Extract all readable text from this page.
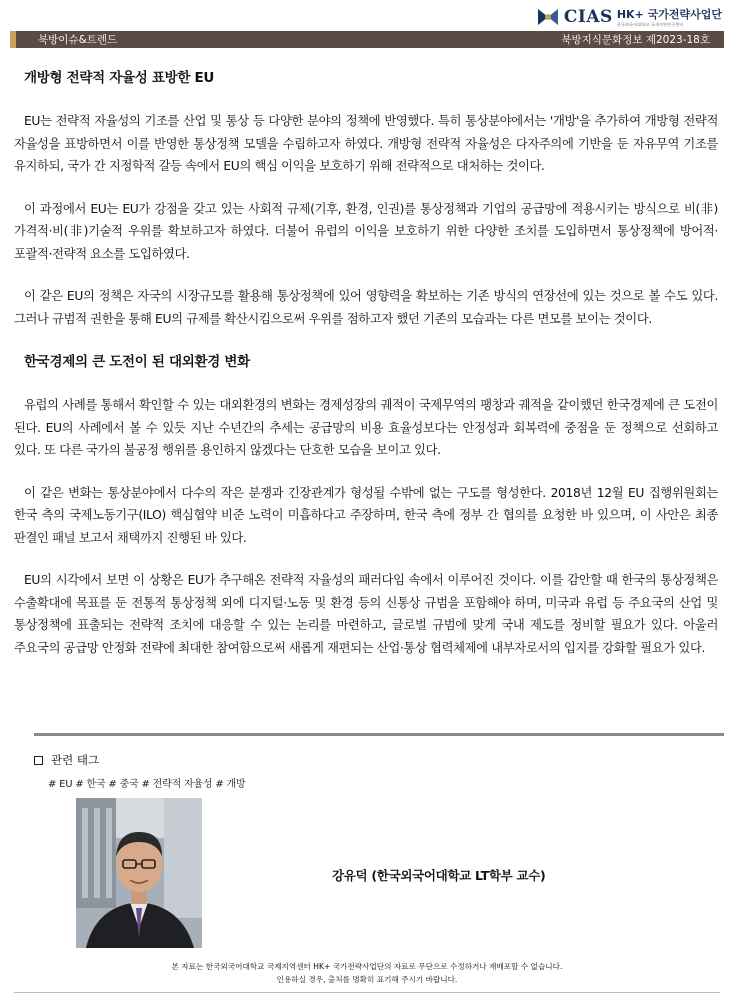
CIAS HK+ 국가전략사업단
한국외국어대학교 국제지역연구센터
북방이슈&트렌드	북방지식문화정보 제2023-18호
개방형 전략적 자율성 표방한 EU

EU는 전략적 자율성의 기조를 산업 및 통상 등 다양한 분야의 정책에 반영했다. 특히 통상분야에서는 '개방'을 추가하여 개방형 전략적 자율성을 표방하면서 이를 반영한 통상정책 모델을 수립하고자 하였다. 개방형 전략적 자율성은 다자주의에 기반을 둔 자유무역 기조를 유지하되, 국가 간 지정학적 갈등 속에서 EU의 핵심 이익을 보호하기 위해 전략적으로 대처하는 것이다.

이 과정에서 EU는 EU가 강점을 갖고 있는 사회적 규제(기후, 환경, 인권)를 통상정책과 기업의 공급망에 적용시키는 방식으로 비(非)가격적·비(非)기술적 우위를 확보하고자 하였다. 더불어 유럽의 이익을 보호하기 위한 다양한 조치를 도입하면서 통상정책에 방어적·포괄적·전략적 요소를 도입하였다.

이 같은 EU의 정책은 자국의 시장규모를 활용해 통상정책에 있어 영향력을 확보하는 기존 방식의 연장선에 있는 것으로 볼 수도 있다. 그러나 규범적 권한을 통해 EU의 규제를 확산시킴으로써 우위를 점하고자 했던 기존의 모습과는 다른 면모를 보이는 것이다.

한국경제의 큰 도전이 된 대외환경 변화

유럽의 사례를 통해서 확인할 수 있는 대외환경의 변화는 경제성장의 궤적이 국제무역의 팽창과 궤적을 같이했던 한국경제에 큰 도전이 된다. EU의 사례에서 볼 수 있듯 지난 수년간의 추세는 공급망의 비용 효율성보다는 안정성과 회복력에 중점을 둔 정책으로 선회하고 있다. 또 다른 국가의 불공정 행위를 용인하지 않겠다는 단호한 모습을 보이고 있다.

이 같은 변화는 통상분야에서 다수의 작은 분쟁과 긴장관계가 형성될 수밖에 없는 구도를 형성한다. 2018년 12월 EU 집행위원회는 한국 측의 국제노동기구(ILO) 핵심협약 비준 노력이 미흡하다고 주장하며, 한국 측에 정부 간 협의를 요청한 바 있으며, 이 사안은 최종 판결인 패널 보고서 채택까지 진행된 바 있다.

EU의 시각에서 보면 이 상황은 EU가 추구해온 전략적 자율성의 패러다임 속에서 이루어진 것이다. 이를 감안할 때 한국의 통상정책은 수출확대에 목표를 둔 전통적 통상정책 외에 디지털·노동 및 환경 등의 신통상 규범을 포함해야 하며, 미국과 유럽 등 주요국의 산업 및 통상정책에 표출되는 전략적 조치에 대응할 수 있는 논리를 마련하고, 글로벌 규범에 맞게 국내 제도를 정비할 필요가 있다. 아울러 주요국의 공급망 안정화 전략에 최대한 참여함으로써 새롭게 재편되는 산업·통상 협력체제에 내부자로서의 입지를 강화할 필요가 있다.

관련 태그
# EU # 한국 # 중국 # 전략적 자율성 # 개방
강유덕 (한국외국어대학교 LT학부 교수)
본 자료는 한국외국어대학교 국제지역센터 HK+ 국가전략사업단의 자료로 무단으로 수정하거나 재배포할 수 없습니다.
인용하실 경우, 출처를 명확히 표기해 주시기 바랍니다.
